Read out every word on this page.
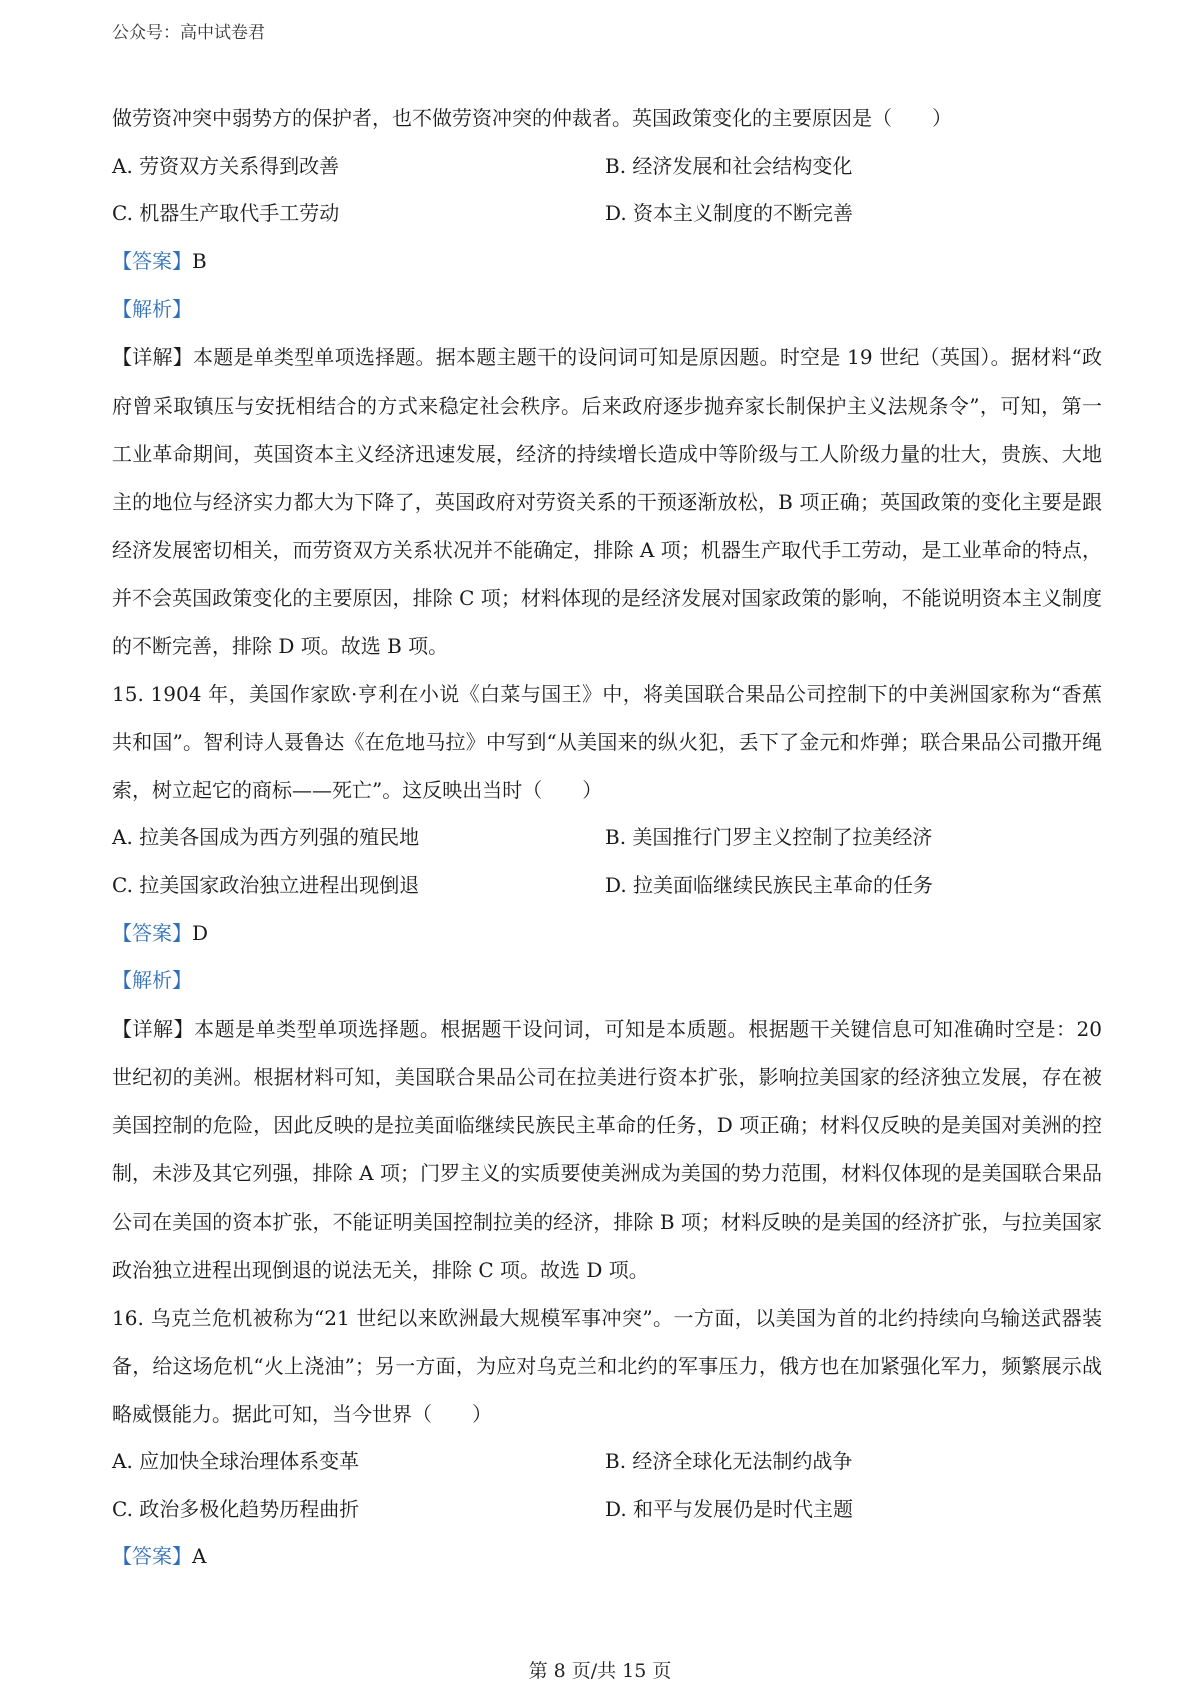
公众号：高中试卷君
做劳资冲突中弱势方的保护者，也不做劳资冲突的仲裁者。英国政策变化的主要原因是（　　）
A. 劳资双方关系得到改善	B. 经济发展和社会结构变化
C. 机器生产取代手工劳动	D. 资本主义制度的不断完善
【答案】B
【解析】
【详解】本题是单类型单项选择题。据本题主题干的设问词可知是原因题。时空是 19 世纪（英国）。据材料“政府曾采取镇压与安抚相结合的方式来稳定社会秩序。后来政府逐步抛弃家长制保护主义法规条令”，可知，第一工业革命期间，英国资本主义经济迅速发展，经济的持续增长造成中等阶级与工人阶级力量的壮大，贵族、大地主的地位与经济实力都大为下降了，英国政府对劳资关系的干预逐渐放松，B 项正确；英国政策的变化主要是跟经济发展密切相关，而劳资双方关系状况并不能确定，排除 A 项；机器生产取代手工劳动，是工业革命的特点，并不会英国政策变化的主要原因，排除 C 项；材料体现的是经济发展对国家政策的影响，不能说明资本主义制度的不断完善，排除 D 项。故选 B 项。
15. 1904 年，美国作家欧·亨利在小说《白菜与国王》中，将美国联合果品公司控制下的中美洲国家称为“香蕉共和国”。智利诗人聂鲁达《在危地马拉》中写到“从美国来的纵火犯，丢下了金元和炸弹；联合果品公司撒开绳索，树立起它的商标——死亡”。这反映出当时（　　）
A. 拉美各国成为西方列强的殖民地	B. 美国推行门罗主义控制了拉美经济
C. 拉美国家政治独立进程出现倒退	D. 拉美面临继续民族民主革命的任务
【答案】D
【解析】
【详解】本题是单类型单项选择题。根据题干设问词，可知是本质题。根据题干关键信息可知准确时空是：20 世纪初的美洲。根据材料可知，美国联合果品公司在拉美进行资本扩张，影响拉美国家的经济独立发展，存在被美国控制的危险，因此反映的是拉美面临继续民族民主革命的任务，D 项正确；材料仅反映的是美国对美洲的控制，未涉及其它列强，排除 A 项；门罗主义的实质要使美洲成为美国的势力范围，材料仅体现的是美国联合果品公司在美国的资本扩张，不能证明美国控制拉美的经济，排除 B 项；材料反映的是美国的经济扩张，与拉美国家政治独立进程出现倒退的说法无关，排除 C 项。故选 D 项。
16. 乌克兰危机被称为“21 世纪以来欧洲最大规模军事冲突”。一方面，以美国为首的北约持续向乌输送武器装备，给这场危机“火上浇油”；另一方面，为应对乌克兰和北约的军事压力，俄方也在加紧强化军力，频繁展示战略威慑能力。据此可知，当今世界（　　）
A. 应加快全球治理体系变革	B. 经济全球化无法制约战争
C. 政治多极化趋势历程曲折	D. 和平与发展仍是时代主题
【答案】A
第 8 页/共 15 页
